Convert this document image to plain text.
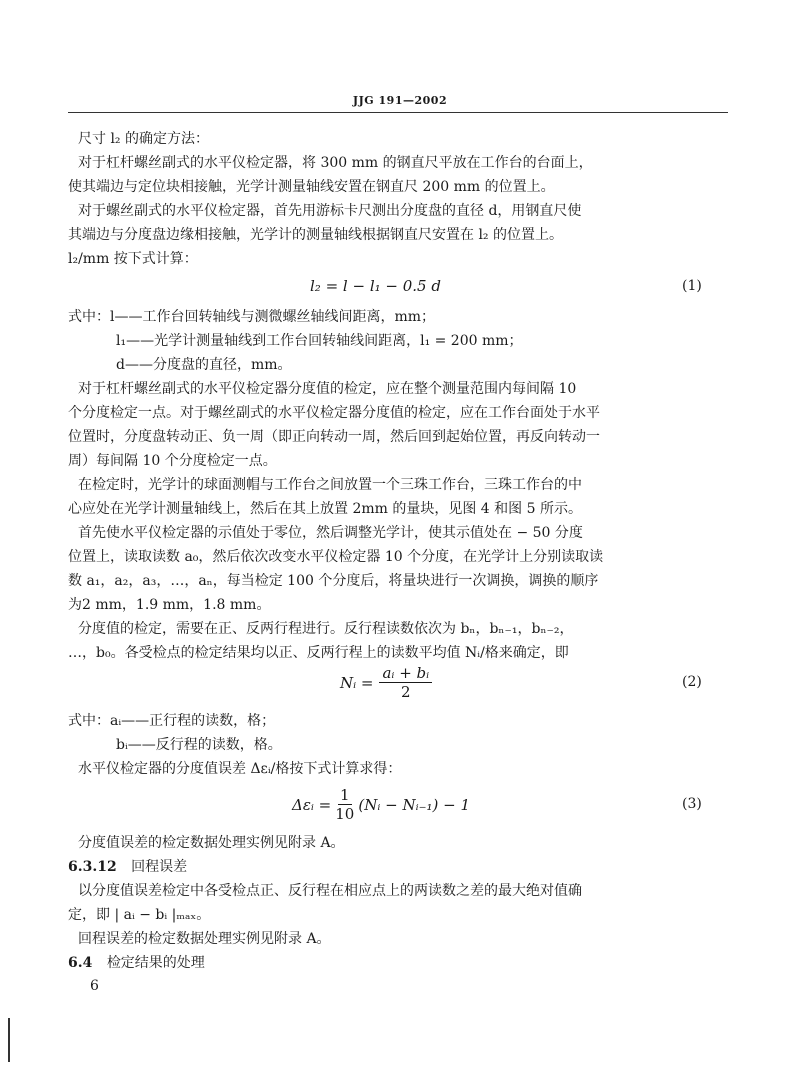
JJG 191—2002
尺寸 l₂ 的确定方法：
对于杠杆螺丝副式的水平仪检定器，将 300 mm 的钢直尺平放在工作台的台面上，
使其端边与定位块相接触，光学计测量轴线安置在钢直尺 200 mm 的位置上。
对于螺丝副式的水平仪检定器，首先用游标卡尺测出分度盘的直径 d，用钢直尺使
其端边与分度盘边缘相接触，光学计的测量轴线根据钢直尺安置在 l₂ 的位置上。
l₂/mm 按下式计算：
l₂ = l − l₁ − 0.5 d	(1)
式中：l——工作台回转轴线与测微螺丝轴线间距离，mm；
l₁——光学计测量轴线到工作台回转轴线间距离，l₁ = 200 mm；
d——分度盘的直径，mm。
对于杠杆螺丝副式的水平仪检定器分度值的检定，应在整个测量范围内每间隔 10
个分度检定一点。对于螺丝副式的水平仪检定器分度值的检定，应在工作台面处于水平
位置时，分度盘转动正、负一周（即正向转动一周，然后回到起始位置，再反向转动一
周）每间隔 10 个分度检定一点。
在检定时，光学计的球面测帽与工作台之间放置一个三珠工作台，三珠工作台的中
心应处在光学计测量轴线上，然后在其上放置 2mm 的量块，见图 4 和图 5 所示。
首先使水平仪检定器的示值处于零位，然后调整光学计，使其示值处在 − 50 分度
位置上，读取读数 a₀，然后依次改变水平仪检定器 10 个分度，在光学计上分别读取读
数 a₁，a₂，a₃，…，aₙ，每当检定 100 个分度后，将量块进行一次调换，调换的顺序
为2 mm，1.9 mm，1.8 mm。
分度值的检定，需要在正、反两行程进行。反行程读数依次为 bₙ，bₙ₋₁，bₙ₋₂，
…，b₀。各受检点的检定结果均以正、反两行程上的读数平均值 Nᵢ/格来确定，即
Nᵢ = $\frac{\text{aᵢ + bᵢ}}{2}$	(2)
式中：aᵢ——正行程的读数，格；
bᵢ——反行程的读数，格。
水平仪检定器的分度值误差 Δεᵢ/格按下式计算求得：
Δεᵢ = $\frac{1}{10}$ (Nᵢ − Nᵢ₋₁) − 1	(3)
分度值误差的检定数据处理实例见附录 A。
6.3.12 回程误差
以分度值误差检定中各受检点正、反行程在相应点上的两读数之差的最大绝对值确
定，即 | aᵢ − bᵢ |ₘₐₓ。
回程误差的检定数据处理实例见附录 A。
6.4 检定结果的处理
6
